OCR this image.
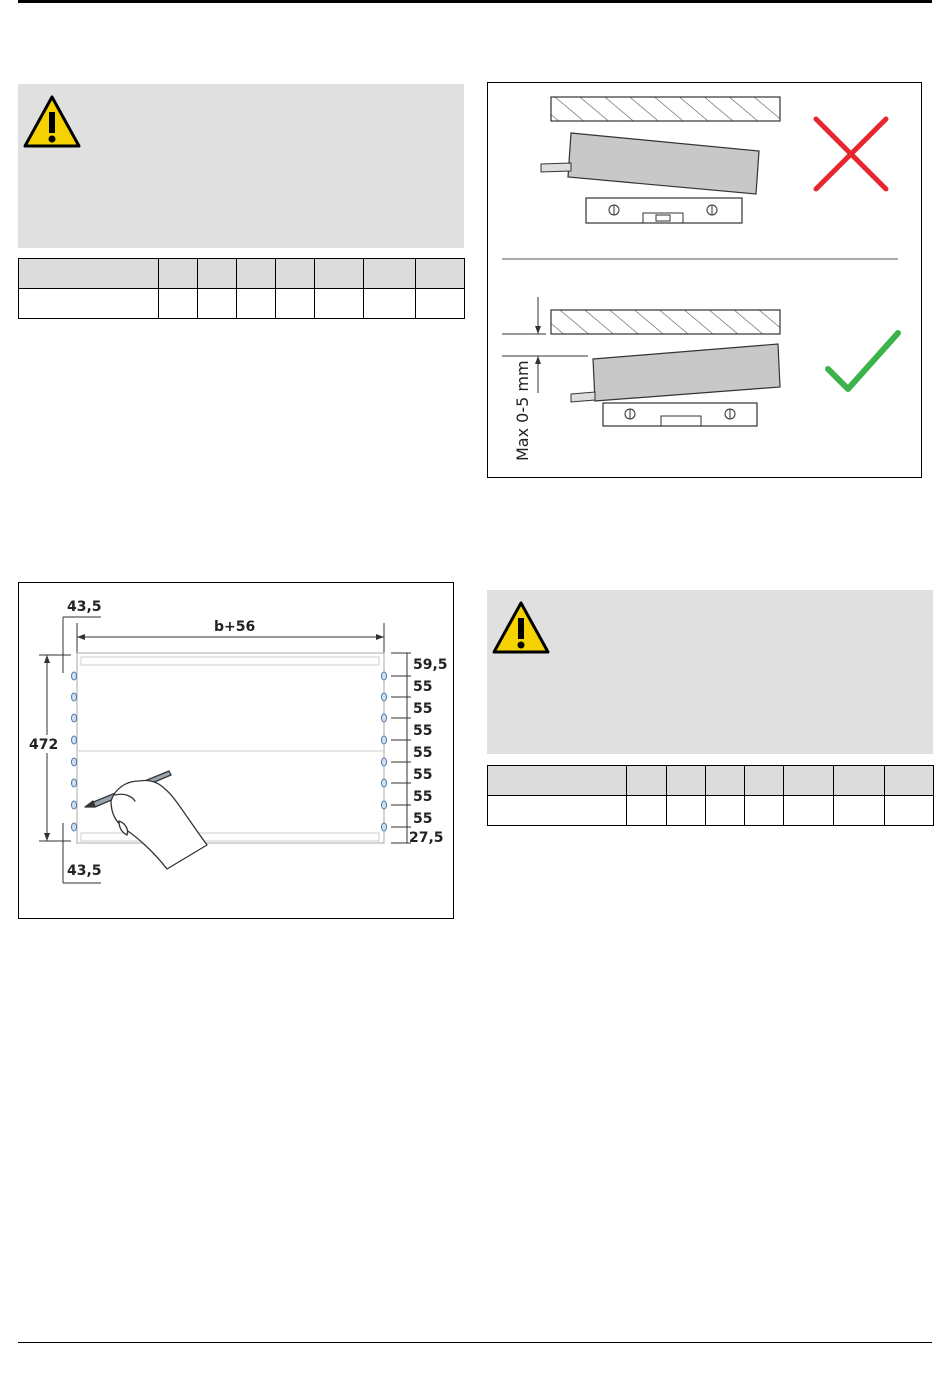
Max 0-5 mm
43,5
b+56
472
43,5
59,5
55
55
55
55
55
55
55
27,5
